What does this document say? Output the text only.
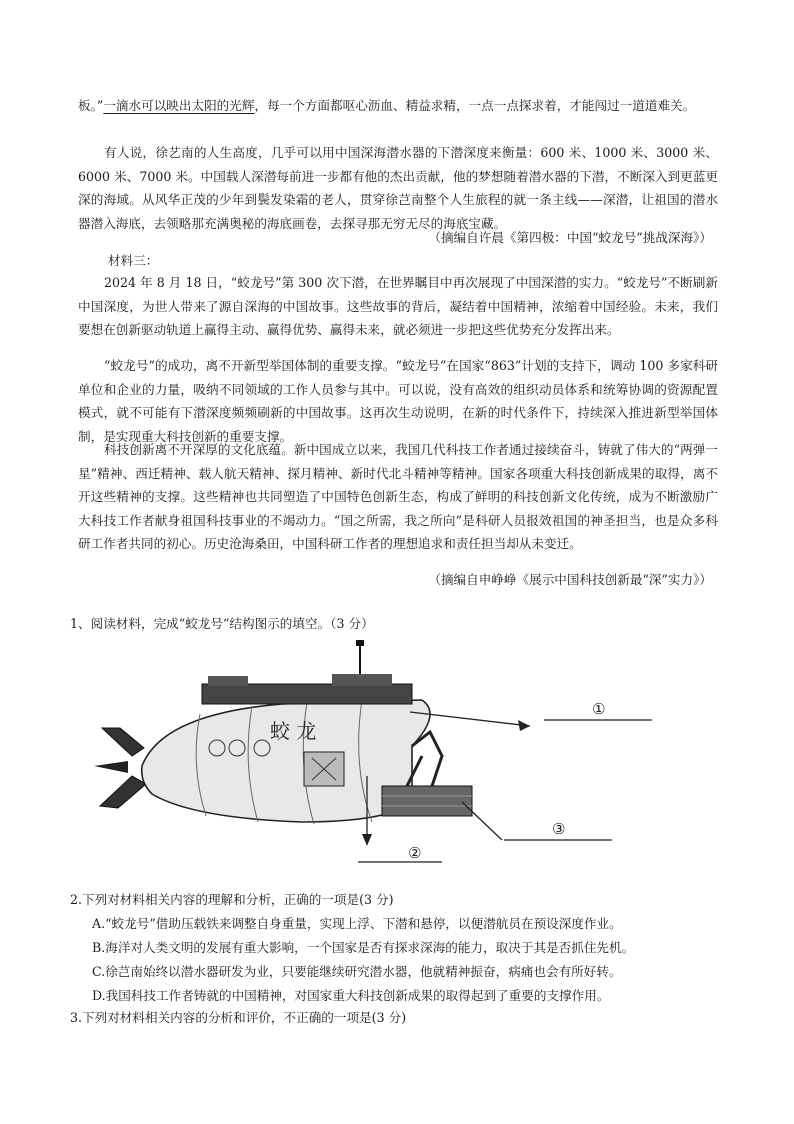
板。”一滴水可以映出太阳的光辉，每一个方面都呕心沥血、精益求精，一点一点探求着，才能闯过一道道难关。

有人说，徐艺南的人生高度，几乎可以用中国深海潜水器的下潜深度来衡量：600 米、1000 米、3000 米、6000 米、7000 米。中国载人深潜每前进一步都有他的杰出贡献，他的梦想随着潜水器的下潜，不断深入到更蓝更深的海域。从风华正茂的少年到鬓发染霜的老人，贯穿徐芑南整个人生旅程的就一条主线——深潜，让祖国的潜水器潜入海底，去领略那充满奥秘的海底画卷，去探寻那无穷无尽的海底宝藏。

（摘编自许晨《第四极：中国“蛟龙号”挑战深海》）
材料三：

2024 年 8 月 18 日，“蛟龙号”第 300 次下潜，在世界瞩目中再次展现了中国深潜的实力。“蛟龙号”不断刷新中国深度，为世人带来了源自深海的中国故事。这些故事的背后，凝结着中国精神，浓缩着中国经验。未来，我们要想在创新驱动轨道上赢得主动、赢得优势、赢得未来，就必须进一步把这些优势充分发挥出来。

“蛟龙号”的成功，离不开新型举国体制的重要支撑。“蛟龙号”在国家“863”计划的支持下，调动 100 多家科研单位和企业的力量，吸纳不同领域的工作人员参与其中。可以说，没有高效的组织动员体系和统筹协调的资源配置模式，就不可能有下潜深度频频刷新的中国故事。这再次生动说明，在新的时代条件下，持续深入推进新型举国体制，是实现重大科技创新的重要支撑。

科技创新离不开深厚的文化底蕴。新中国成立以来，我国几代科技工作者通过接续奋斗，铸就了伟大的“两弹一星”精神、西迁精神、载人航天精神、探月精神、新时代北斗精神等精神。国家各项重大科技创新成果的取得，离不开这些精神的支撑。这些精神也共同塑造了中国特色创新生态，构成了鲜明的科技创新文化传统，成为不断激励广大科技工作者献身祖国科技事业的不竭动力。“国之所需，我之所向”是科研人员报效祖国的神圣担当，也是众多科研工作者共同的初心。历史沧海桑田，中国科研工作者的理想追求和责任担当却从未变迁。

（摘编自申峥峥《展示中国科技创新最“深”实力》）
1、阅读材料，完成“蛟龙号”结构图示的填空。（3 分）
蛟 龙
①
②
③
2.下列对材料相关内容的理解和分析，正确的一项是(3 分)
A.“蛟龙号”借助压载铁来调整自身重量，实现上浮、下潜和悬停，以便潜航员在预设深度作业。
B.海洋对人类文明的发展有重大影响，一个国家是否有探求深海的能力，取决于其是否抓住先机。
C.徐芑南始终以潜水器研发为业，只要能继续研究潜水器，他就精神振奋，病痛也会有所好转。
D.我国科技工作者铸就的中国精神，对国家重大科技创新成果的取得起到了重要的支撑作用。
3.下列对材料相关内容的分析和评价，不正确的一项是(3 分)
